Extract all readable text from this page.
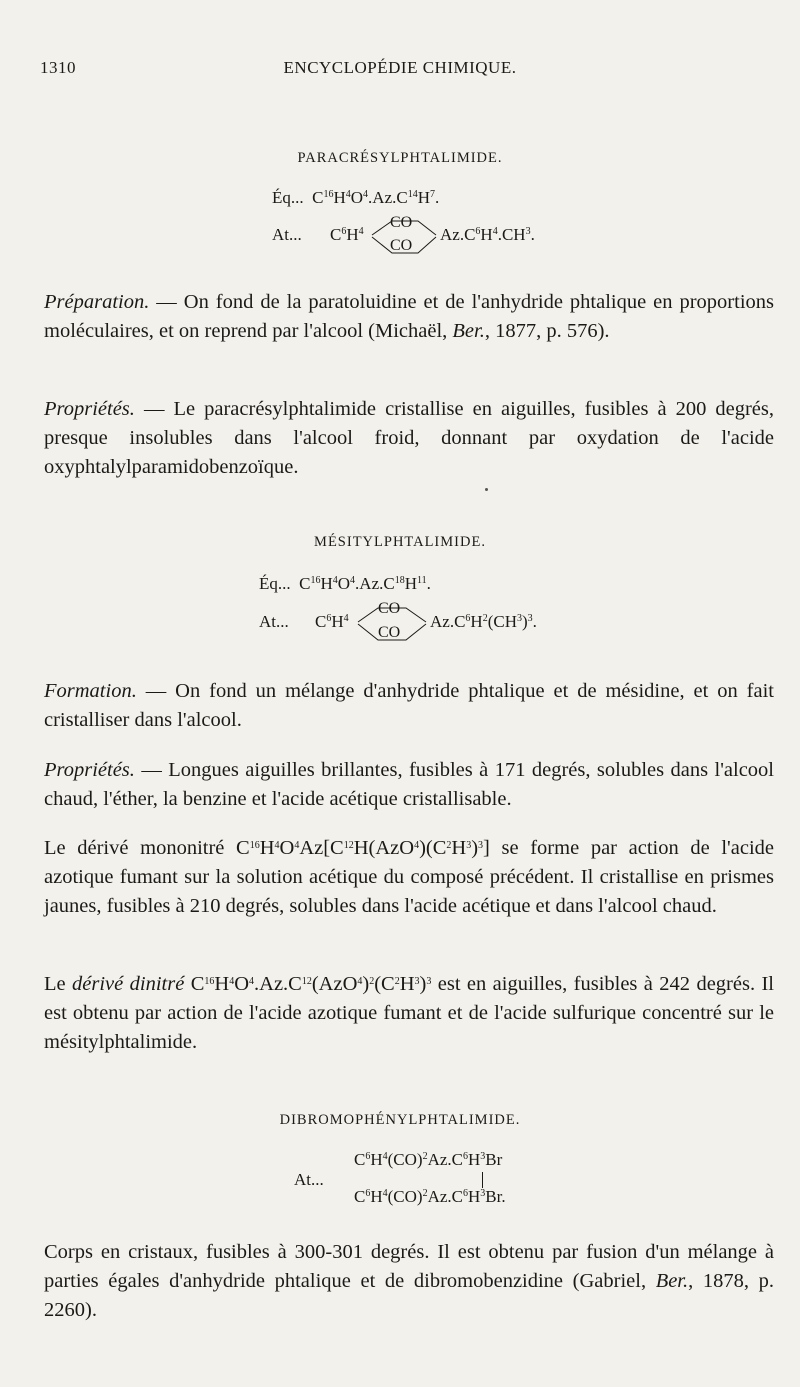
1310	ENCYCLOPÉDIE CHIMIQUE.
PARACRÉSYLPHTALIMIDE.
Éq... $C^{16}H^4O^4.Az.C^{14}H^7$.
At... $C^6H^4$
CO
CO
$Az.C^6H^4.CH^3$.

Préparation. — On fond de la paratoluidine et de l'anhydride phtalique en proportions moléculaires, et on reprend par l'alcool (Michaël, Ber., 1877, p. 576).

Propriétés. — Le paracrésylphtalimide cristallise en aiguilles, fusibles à 200 degrés, presque insolubles dans l'alcool froid, donnant par oxydation de l'acide oxyphtalylparamidobenzoïque.

MÉSITYLPHTALIMIDE.
Éq... $C^{16}H^4O^4.Az.C^{18}H^{11}$.
At... $C^6H^4$
CO
CO
$Az.C^6H^2(CH^3)^3$.

Formation. — On fond un mélange d'anhydride phtalique et de mésidine, et on fait cristalliser dans l'alcool.

Propriétés. — Longues aiguilles brillantes, fusibles à 171 degrés, solubles dans l'alcool chaud, l'éther, la benzine et l'acide acétique cristallisable.

Le dérivé mononitré $C^{16}H^4O^4Az[C^{12}H(AzO^4)(C^2H^3)^3]$ se forme par action de l'acide azotique fumant sur la solution acétique du composé précédent. Il cristallise en prismes jaunes, fusibles à 210 degrés, solubles dans l'acide acétique et dans l'alcool chaud.

Le dérivé dinitré $C^{16}H^4O^4.Az.C^{12}(AzO^4)^2(C^2H^3)^3$ est en aiguilles, fusibles à 242 degrés. Il est obtenu par action de l'acide azotique fumant et de l'acide sulfurique concentré sur le mésitylphtalimide.

DIBROMOPHÉNYLPHTALIMIDE.
$C^6H^4(CO)^2Az.C^6H^3Br$
At...
$C^6H^4(CO)^2Az.C^6H^3Br$.

Corps en cristaux, fusibles à 300-301 degrés. Il est obtenu par fusion d'un mélange à parties égales d'anhydride phtalique et de dibromobenzidine (Gabriel, Ber., 1878, p. 2260).
